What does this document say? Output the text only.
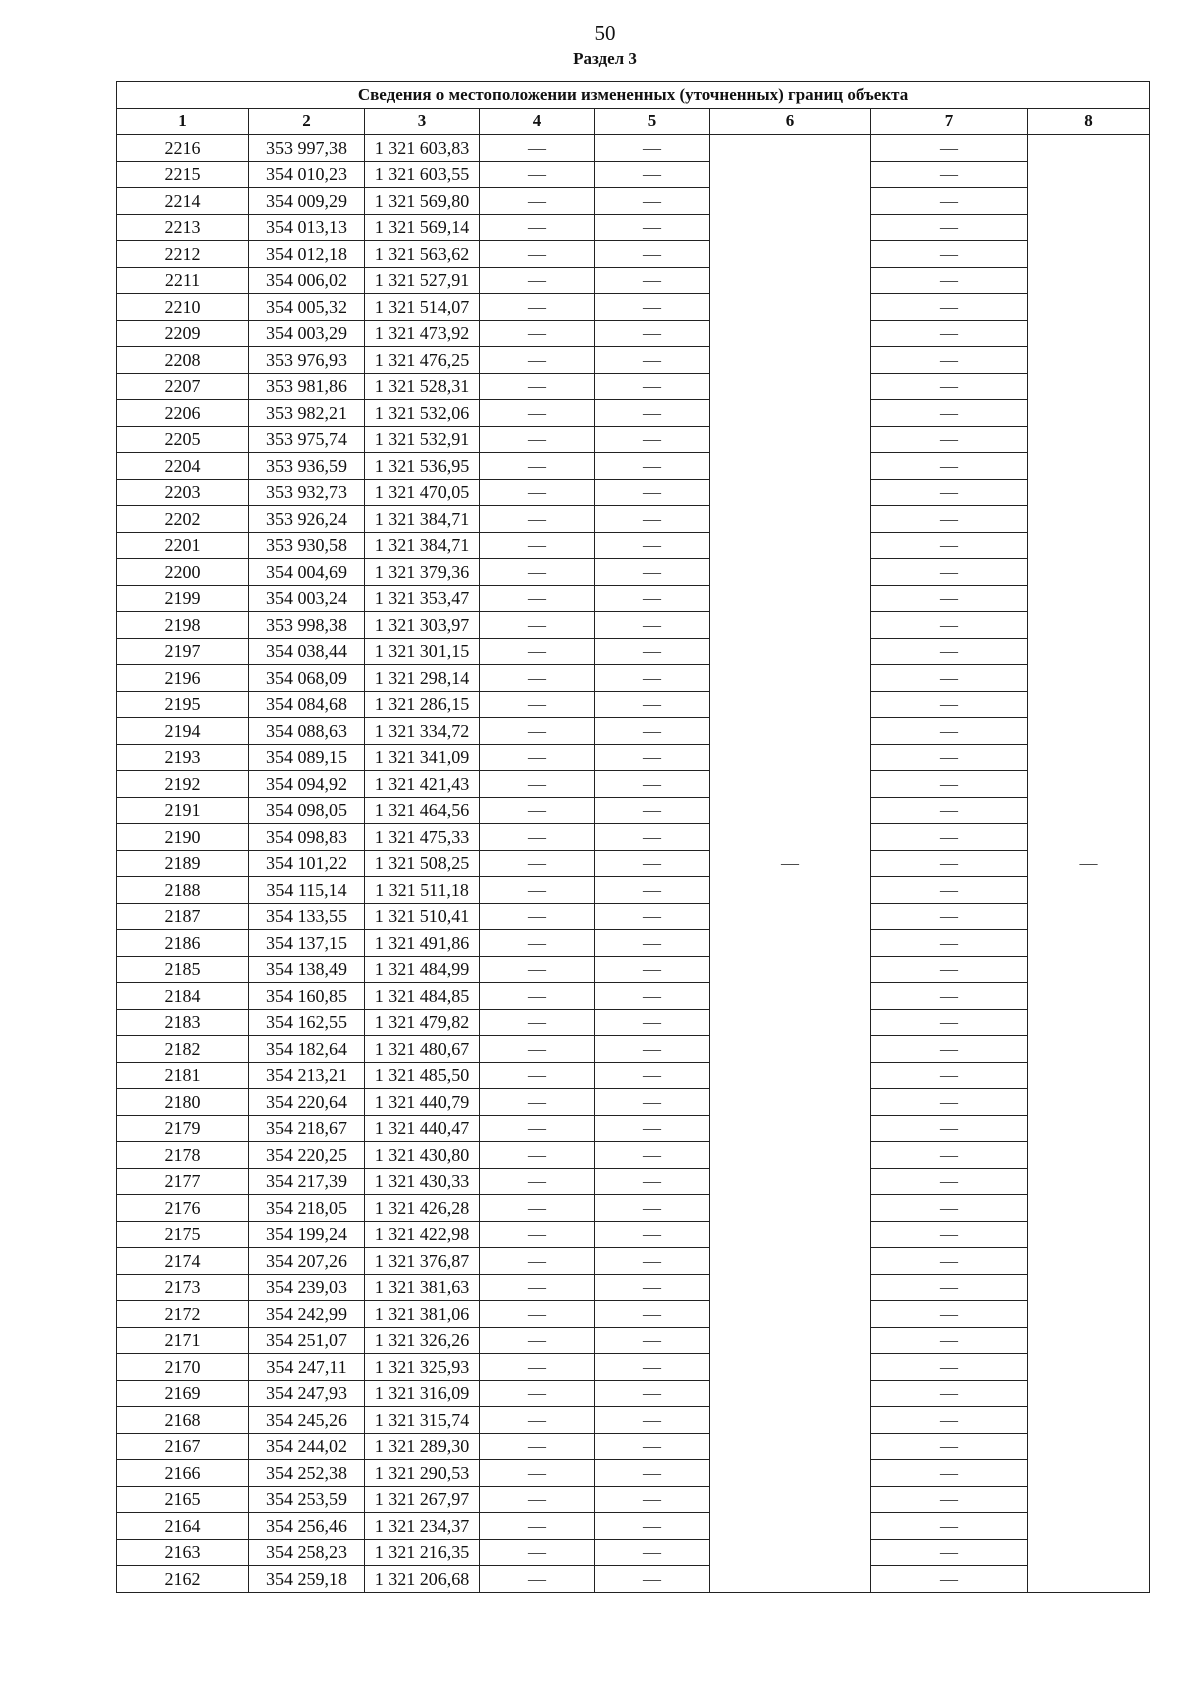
50
Раздел 3
Сведения о местоположении измененных (уточненных) границ объекта							
1	2	3	4	5	6	7	8
2216	353 997,38	1 321 603,83	—	—	—	—	—
2215	354 010,23	1 321 603,55	—	—		—	
2214	354 009,29	1 321 569,80	—	—		—	
2213	354 013,13	1 321 569,14	—	—		—	
2212	354 012,18	1 321 563,62	—	—		—	
2211	354 006,02	1 321 527,91	—	—		—	
2210	354 005,32	1 321 514,07	—	—		—	
2209	354 003,29	1 321 473,92	—	—		—	
2208	353 976,93	1 321 476,25	—	—		—	
2207	353 981,86	1 321 528,31	—	—		—	
2206	353 982,21	1 321 532,06	—	—		—	
2205	353 975,74	1 321 532,91	—	—		—	
2204	353 936,59	1 321 536,95	—	—		—	
2203	353 932,73	1 321 470,05	—	—		—	
2202	353 926,24	1 321 384,71	—	—		—	
2201	353 930,58	1 321 384,71	—	—		—	
2200	354 004,69	1 321 379,36	—	—		—	
2199	354 003,24	1 321 353,47	—	—		—	
2198	353 998,38	1 321 303,97	—	—		—	
2197	354 038,44	1 321 301,15	—	—		—	
2196	354 068,09	1 321 298,14	—	—		—	
2195	354 084,68	1 321 286,15	—	—		—	
2194	354 088,63	1 321 334,72	—	—		—	
2193	354 089,15	1 321 341,09	—	—		—	
2192	354 094,92	1 321 421,43	—	—		—	
2191	354 098,05	1 321 464,56	—	—		—	
2190	354 098,83	1 321 475,33	—	—		—	
2189	354 101,22	1 321 508,25	—	—		—	
2188	354 115,14	1 321 511,18	—	—		—	
2187	354 133,55	1 321 510,41	—	—		—	
2186	354 137,15	1 321 491,86	—	—		—	
2185	354 138,49	1 321 484,99	—	—		—	
2184	354 160,85	1 321 484,85	—	—		—	
2183	354 162,55	1 321 479,82	—	—		—	
2182	354 182,64	1 321 480,67	—	—		—	
2181	354 213,21	1 321 485,50	—	—		—	
2180	354 220,64	1 321 440,79	—	—		—	
2179	354 218,67	1 321 440,47	—	—		—	
2178	354 220,25	1 321 430,80	—	—		—	
2177	354 217,39	1 321 430,33	—	—		—	
2176	354 218,05	1 321 426,28	—	—		—	
2175	354 199,24	1 321 422,98	—	—		—	
2174	354 207,26	1 321 376,87	—	—		—	
2173	354 239,03	1 321 381,63	—	—		—	
2172	354 242,99	1 321 381,06	—	—		—	
2171	354 251,07	1 321 326,26	—	—		—	
2170	354 247,11	1 321 325,93	—	—		—	
2169	354 247,93	1 321 316,09	—	—		—	
2168	354 245,26	1 321 315,74	—	—		—	
2167	354 244,02	1 321 289,30	—	—		—	
2166	354 252,38	1 321 290,53	—	—		—	
2165	354 253,59	1 321 267,97	—	—		—	
2164	354 256,46	1 321 234,37	—	—		—	
2163	354 258,23	1 321 216,35	—	—		—	
2162	354 259,18	1 321 206,68	—	—		—	
